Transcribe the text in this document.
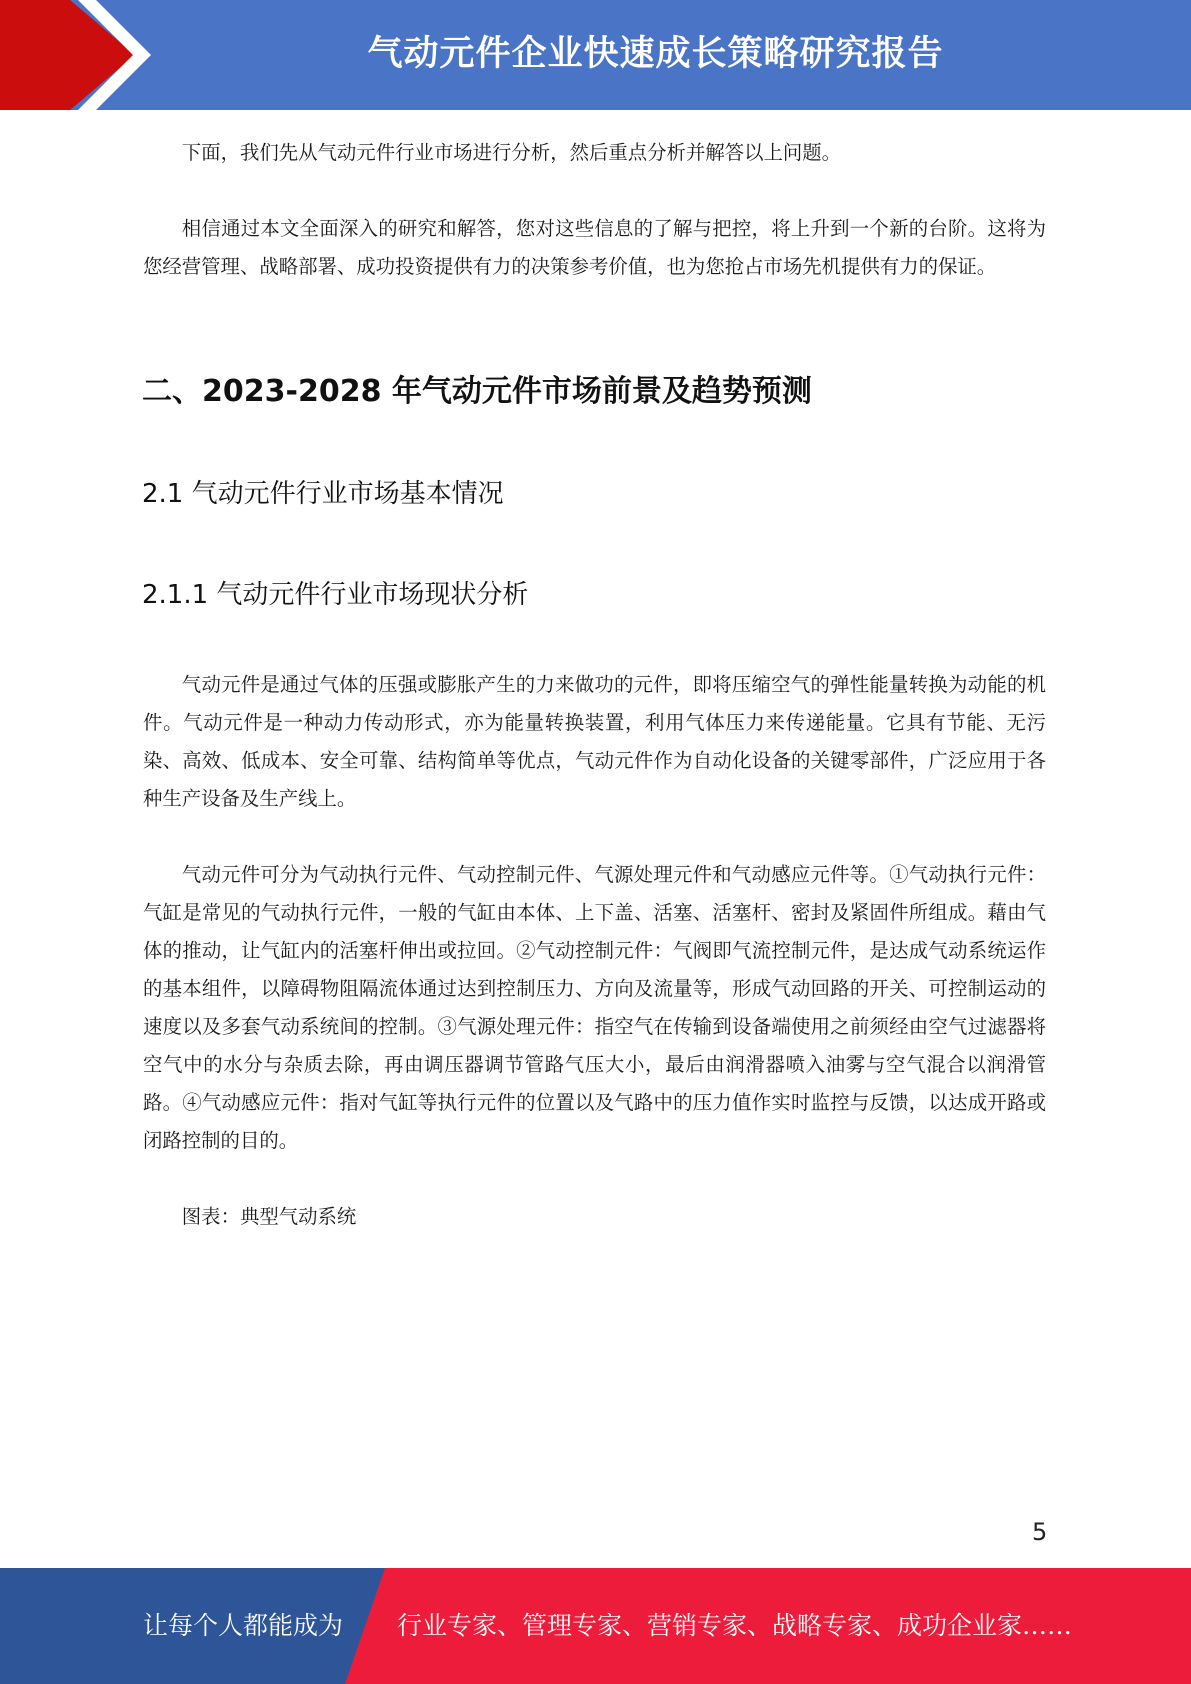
气动元件企业快速成长策略研究报告

下面，我们先从气动元件行业市场进行分析，然后重点分析并解答以上问题。

相信通过本文全面深入的研究和解答，您对这些信息的了解与把控，将上升到一个新的台阶。这将为您经营管理、战略部署、成功投资提供有力的决策参考价值，也为您抢占市场先机提供有力的保证。

二、2023-2028 年气动元件市场前景及趋势预测
2.1 气动元件行业市场基本情况
2.1.1 气动元件行业市场现状分析

气动元件是通过气体的压强或膨胀产生的力来做功的元件，即将压缩空气的弹性能量转换为动能的机件。气动元件是一种动力传动形式，亦为能量转换装置，利用气体压力来传递能量。它具有节能、无污染、高效、低成本、安全可靠、结构简单等优点，气动元件作为自动化设备的关键零部件，广泛应用于各种生产设备及生产线上。

气动元件可分为气动执行元件、气动控制元件、气源处理元件和气动感应元件等。①气动执行元件：气缸是常见的气动执行元件，一般的气缸由本体、上下盖、活塞、活塞杆、密封及紧固件所组成。藉由气体的推动，让气缸内的活塞杆伸出或拉回。②气动控制元件：气阀即气流控制元件，是达成气动系统运作的基本组件，以障碍物阻隔流体通过达到控制压力、方向及流量等，形成气动回路的开关、可控制运动的速度以及多套气动系统间的控制。③气源处理元件：指空气在传输到设备端使用之前须经由空气过滤器将空气中的水分与杂质去除，再由调压器调节管路气压大小，最后由润滑器喷入油雾与空气混合以润滑管路。④气动感应元件：指对气缸等执行元件的位置以及气路中的压力值作实时监控与反馈，以达成开路或闭路控制的目的。

图表：典型气动系统

5
让每个人都能成为 行业专家、管理专家、营销专家、战略专家、成功企业家……
